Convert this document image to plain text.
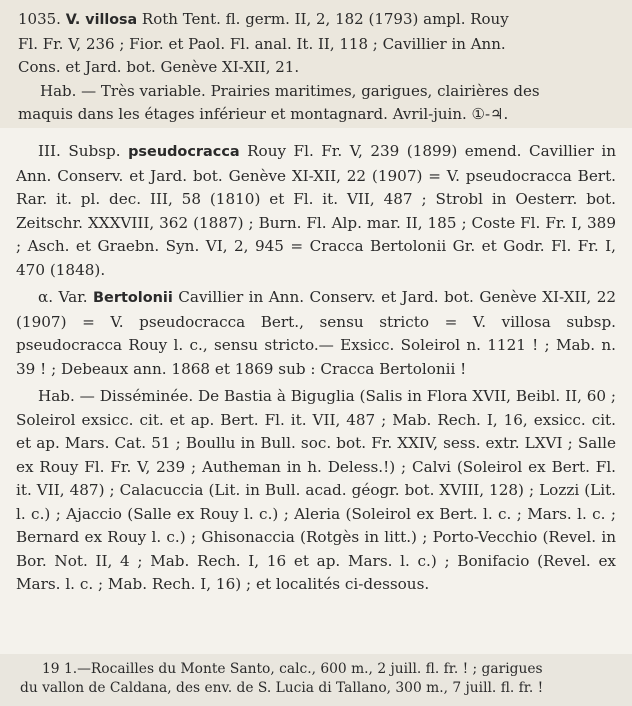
1035. V. villosa Roth Tent. fl. germ. II, 2, 182 (1793) ampl. Rouy

Fl. Fr. V, 236 ; Fior. et Paol. Fl. anal. It. II, 118 ; Cavillier in Ann.

Cons. et Jard. bot. Genève XI-XII, 21.

Hab. — Très variable. Prairies maritimes, garigues, clairières des

maquis dans les étages inférieur et montagnard. Avril-juin. ①-♃.

III. Subsp. pseudocracca Rouy Fl. Fr. V, 239 (1899) emend. Cavillier in Ann. Conserv. et Jard. bot. Genève XI-XII, 22 (1907) = V. pseudocracca Bert. Rar. it. pl. dec. III, 58 (1810) et Fl. it. VII, 487 ; Strobl in Oesterr. bot. Zeitschr. XXXVIII, 362 (1887) ; Burn. Fl. Alp. mar. II, 185 ; Coste Fl. Fr. I, 389 ; Asch. et Graebn. Syn. VI, 2, 945 = Cracca Bertolonii Gr. et Godr. Fl. Fr. I, 470 (1848).

α. Var. Bertolonii Cavillier in Ann. Conserv. et Jard. bot. Genève XI-XII, 22 (1907) = V. pseudocracca Bert., sensu stricto = V. villosa subsp. pseudocracca Rouy l. c., sensu stricto.— Exsicc. Soleirol n. 1121 ! ; Mab. n. 39 ! ; Debeaux ann. 1868 et 1869 sub : Cracca Bertolonii !

Hab. — Disséminée. De Bastia à Biguglia (Salis in Flora XVII, Beibl. II, 60 ; Soleirol exsicc. cit. et ap. Bert. Fl. it. VII, 487 ; Mab. Rech. I, 16, exsicc. cit. et ap. Mars. Cat. 51 ; Boullu in Bull. soc. bot. Fr. XXIV, sess. extr. LXVI ; Salle ex Rouy Fl. Fr. V, 239 ; Autheman in h. Deless.!) ; Calvi (Soleirol ex Bert. Fl. it. VII, 487) ; Calacuccia (Lit. in Bull. acad. géogr. bot. XVIII, 128) ; Lozzi (Lit. l. c.) ; Ajaccio (Salle ex Rouy l. c.) ; Aleria (Soleirol ex Bert. l. c. ; Mars. l. c. ; Bernard ex Rouy l. c.) ; Ghisonaccia (Rotgès in litt.) ; Porto-Vecchio (Revel. in Bor. Not. II, 4 ; Mab. Rech. I, 16 et ap. Mars. l. c.) ; Bonifacio (Revel. ex Mars. l. c. ; Mab. Rech. I, 16) ; et localités ci-dessous.

19 1.—Rocailles du Monte Santo, calc., 600 m., 2 juill. fl. fr. ! ; garigues

du vallon de Caldana, des env. de S. Lucia di Tallano, 300 m., 7 juill. fl. fr. !
